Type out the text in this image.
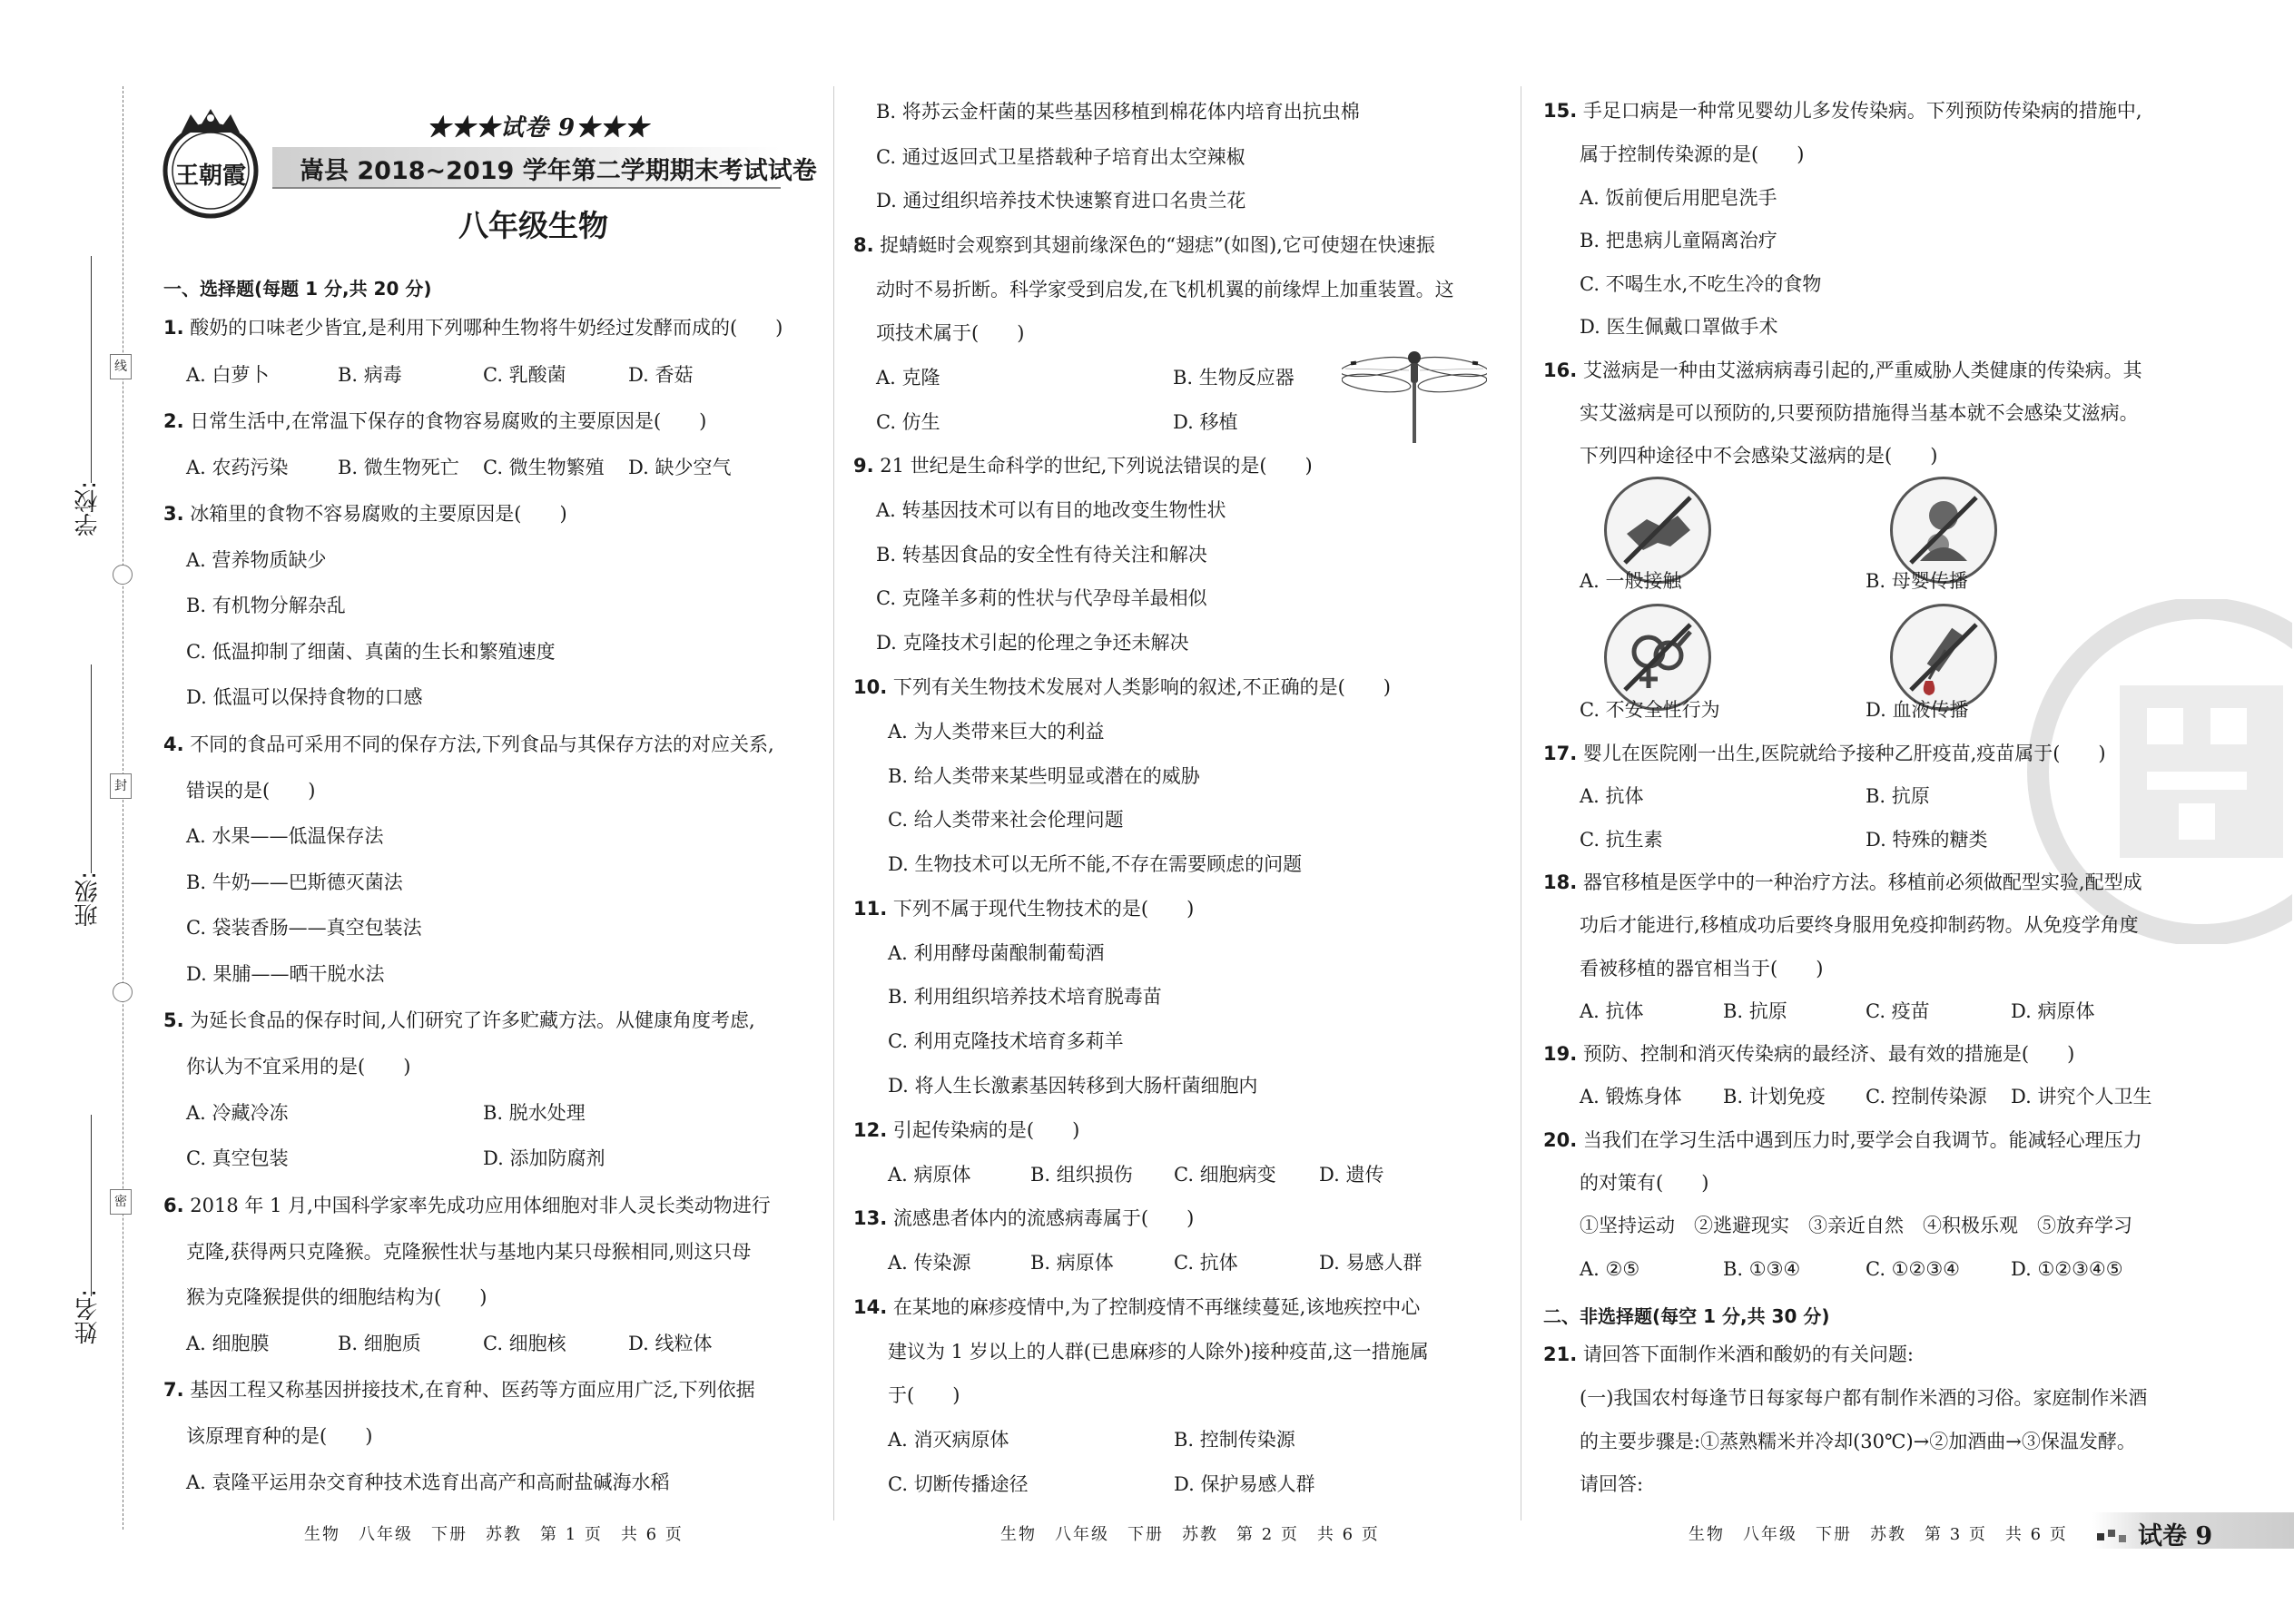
学校:
班级:
姓名:
线
封
密
王朝霞
★★★试卷 9★★★
嵩县 2018~2019 学年第二学期期末考试试卷
八年级生物
一、选择题(每题 1 分,共 20 分)
1. 酸奶的口味老少皆宜,是利用下列哪种生物将牛奶经过发酵而成的(　　)
A. 白萝卜	B. 病毒	C. 乳酸菌	D. 香菇
2. 日常生活中,在常温下保存的食物容易腐败的主要原因是(　　)
A. 农药污染	B. 微生物死亡 C. 微生物繁殖 D. 缺少空气
3. 冰箱里的食物不容易腐败的主要原因是(　　)
A. 营养物质缺少
B. 有机物分解杂乱
C. 低温抑制了细菌、真菌的生长和繁殖速度
D. 低温可以保持食物的口感
4. 不同的食品可采用不同的保存方法,下列食品与其保存方法的对应关系,
错误的是(　　)
A. 水果——低温保存法
B. 牛奶——巴斯德灭菌法
C. 袋装香肠——真空包装法
D. 果脯——晒干脱水法
5. 为延长食品的保存时间,人们研究了许多贮藏方法。从健康角度考虑,
你认为不宜采用的是(　　)
A. 冷藏冷冻	B. 脱水处理
C. 真空包装	D. 添加防腐剂
6. 2018 年 1 月,中国科学家率先成功应用体细胞对非人灵长类动物进行
克隆,获得两只克隆猴。克隆猴性状与基地内某只母猴相同,则这只母
猴为克隆猴提供的细胞结构为(　　)
A. 细胞膜	B. 细胞质	C. 细胞核	D. 线粒体
7. 基因工程又称基因拼接技术,在育种、医药等方面应用广泛,下列依据
该原理育种的是(　　)
A. 袁隆平运用杂交育种技术选育出高产和高耐盐碱海水稻
生物　八年级　下册　苏教　第 1 页　共 6 页
B. 将苏云金杆菌的某些基因移植到棉花体内培育出抗虫棉
C. 通过返回式卫星搭载种子培育出太空辣椒
D. 通过组织培养技术快速繁育进口名贵兰花
8. 捉蜻蜓时会观察到其翅前缘深色的“翅痣”(如图),它可使翅在快速振
动时不易折断。科学家受到启发,在飞机机翼的前缘焊上加重装置。这
项技术属于(　　)
A. 克隆	B. 生物反应器
C. 仿生	D. 移植
9. 21 世纪是生命科学的世纪,下列说法错误的是(　　)
A. 转基因技术可以有目的地改变生物性状
B. 转基因食品的安全性有待关注和解决
C. 克隆羊多莉的性状与代孕母羊最相似
D. 克隆技术引起的伦理之争还未解决
10. 下列有关生物技术发展对人类影响的叙述,不正确的是(　　)
A. 为人类带来巨大的利益
B. 给人类带来某些明显或潜在的威胁
C. 给人类带来社会伦理问题
D. 生物技术可以无所不能,不存在需要顾虑的问题
11. 下列不属于现代生物技术的是(　　)
A. 利用酵母菌酿制葡萄酒
B. 利用组织培养技术培育脱毒苗
C. 利用克隆技术培育多莉羊
D. 将人生长激素基因转移到大肠杆菌细胞内
12. 引起传染病的是(　　)
A. 病原体	B. 组织损伤 C. 细胞病变 D. 遗传
13. 流感患者体内的流感病毒属于(　　)
A. 传染源	B. 病原体	C. 抗体	D. 易感人群
14. 在某地的麻疹疫情中,为了控制疫情不再继续蔓延,该地疾控中心
建议为 1 岁以上的人群(已患麻疹的人除外)接种疫苗,这一措施属
于(　　)
A. 消灭病原体	B. 控制传染源
C. 切断传播途径	D. 保护易感人群
生物　八年级　下册　苏教　第 2 页　共 6 页
15. 手足口病是一种常见婴幼儿多发传染病。下列预防传染病的措施中,
属于控制传染源的是(　　)
A. 饭前便后用肥皂洗手
B. 把患病儿童隔离治疗
C. 不喝生水,不吃生冷的食物
D. 医生佩戴口罩做手术
16. 艾滋病是一种由艾滋病病毒引起的,严重威胁人类健康的传染病。其
实艾滋病是可以预防的,只要预防措施得当基本就不会感染艾滋病。
下列四种途径中不会感染艾滋病的是(　　)
A. 一般接触	B. 母婴传播
C. 不安全性行为	D. 血液传播
17. 婴儿在医院刚一出生,医院就给予接种乙肝疫苗,疫苗属于(　　)
A. 抗体	B. 抗原
C. 抗生素	D. 特殊的糖类
18. 器官移植是医学中的一种治疗方法。移植前必须做配型实验,配型成
功后才能进行,移植成功后要终身服用免疫抑制药物。从免疫学角度
看被移植的器官相当于(　　)
A. 抗体	B. 抗原	C. 疫苗	D. 病原体
19. 预防、控制和消灭传染病的最经济、最有效的措施是(　　)
A. 锻炼身体 B. 计划免疫 C. 控制传染源 D. 讲究个人卫生
20. 当我们在学习生活中遇到压力时,要学会自我调节。能减轻心理压力
的对策有(　　)
①坚持运动　②逃避现实　③亲近自然　④积极乐观　⑤放弃学习
A. ②⑤	B. ①③④	C. ①②③④	D. ①②③④⑤
二、非选择题(每空 1 分,共 30 分)
21. 请回答下面制作米酒和酸奶的有关问题:
(一)我国农村每逢节日每家每户都有制作米酒的习俗。家庭制作米酒
的主要步骤是:①蒸熟糯米并冷却(30℃)→②加酒曲→③保温发酵。
请回答:
生物　八年级　下册　苏教　第 3 页　共 6 页	试卷 9
